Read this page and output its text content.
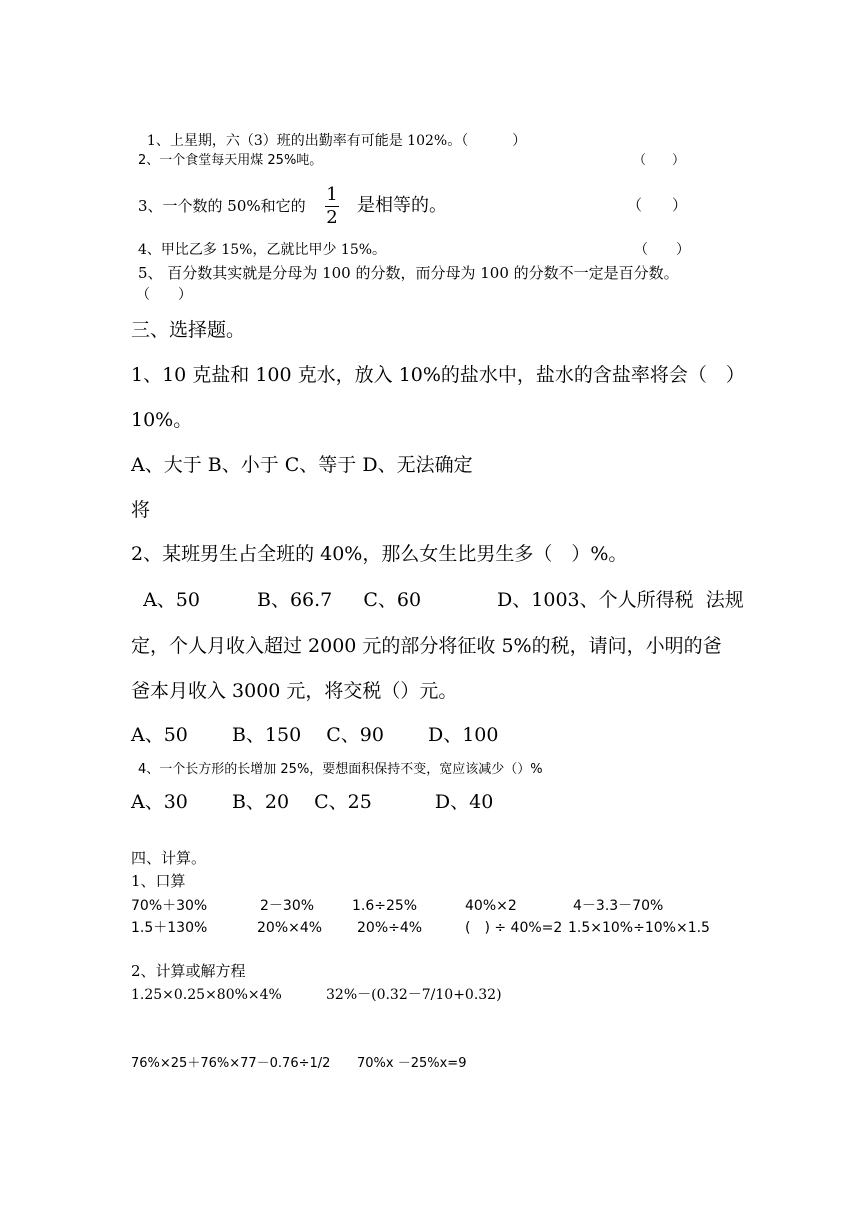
1、上星期，六（3）班的出勤率有可能是 102%。（	）

2、一个食堂每天用煤 25%吨。	（　　）
3、一个数的 50%和它的
1
2
是相等的。	（　　）
4、甲比乙多 15%，乙就比甲少 15%。	（　　）
5、 百分数其实就是分母为 100 的分数，而分母为 100 的分数不一定是百分数。
（　　）
三、选择题。
1、10 克盐和 100 克水，放入 10%的盐水中，盐水的含盐率将会（　）
10%。
A、大于 B、小于 C、等于 D、无法确定
将
2、某班男生占全班的 40%，那么女生比男生多（　）%。
A、50　　　B、66.7　  C、60　　　　D、1003、个人所得税  法规
定，个人月收入超过 2000 元的部分将征收 5%的税，请问，小明的爸
爸本月收入 3000 元，将交税（）元。
A、50　　 B、150　 C、90　　 D、100
4、一个长方形的长增加 25%，要想面积保持不变，宽应该减少（）%
A、30　　 B、20　 C、25　　　 D、40
四、计算。
1、口算
70%＋30%	2－30%	1.6÷25%	40%×2	4－3.3－70%
1.5＋130%	20%×4% 20%÷4%	(　) ÷ 40%=2 1.5×10%÷10%×1.5
2、计算或解方程
1.25×0.25×80%×4%	32%－(0.32－7/10+0.32)
76%×25＋76%×77－0.76÷1/2 70%x －25%x=9
